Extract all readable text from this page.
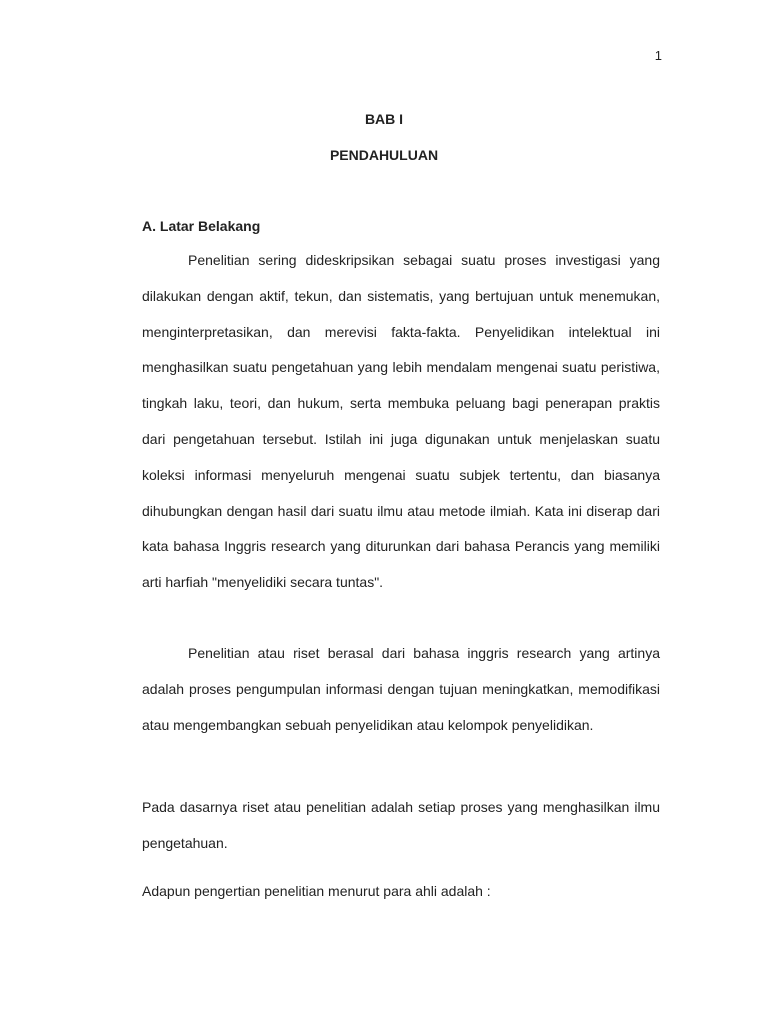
1
BAB I
PENDAHULUAN
A. Latar Belakang

Penelitian sering dideskripsikan sebagai suatu proses investigasi yang dilakukan dengan aktif, tekun, dan sistematis, yang bertujuan untuk menemukan, menginterpretasikan, dan merevisi fakta-fakta. Penyelidikan intelektual ini menghasilkan suatu pengetahuan yang lebih mendalam mengenai suatu peristiwa, tingkah laku, teori, dan hukum, serta membuka peluang bagi penerapan praktis dari pengetahuan tersebut. Istilah ini juga digunakan untuk menjelaskan suatu koleksi informasi menyeluruh mengenai suatu subjek tertentu, dan biasanya dihubungkan dengan hasil dari suatu ilmu atau metode ilmiah. Kata ini diserap dari kata bahasa Inggris research yang diturunkan dari bahasa Perancis yang memiliki arti harfiah "menyelidiki secara tuntas".

Penelitian atau riset berasal dari bahasa inggris research yang artinya adalah proses pengumpulan informasi dengan tujuan meningkatkan, memodifikasi atau mengembangkan sebuah penyelidikan atau kelompok penyelidikan.

Pada dasarnya riset atau penelitian adalah setiap proses yang menghasilkan ilmu pengetahuan.

Adapun pengertian penelitian menurut para ahli adalah :
